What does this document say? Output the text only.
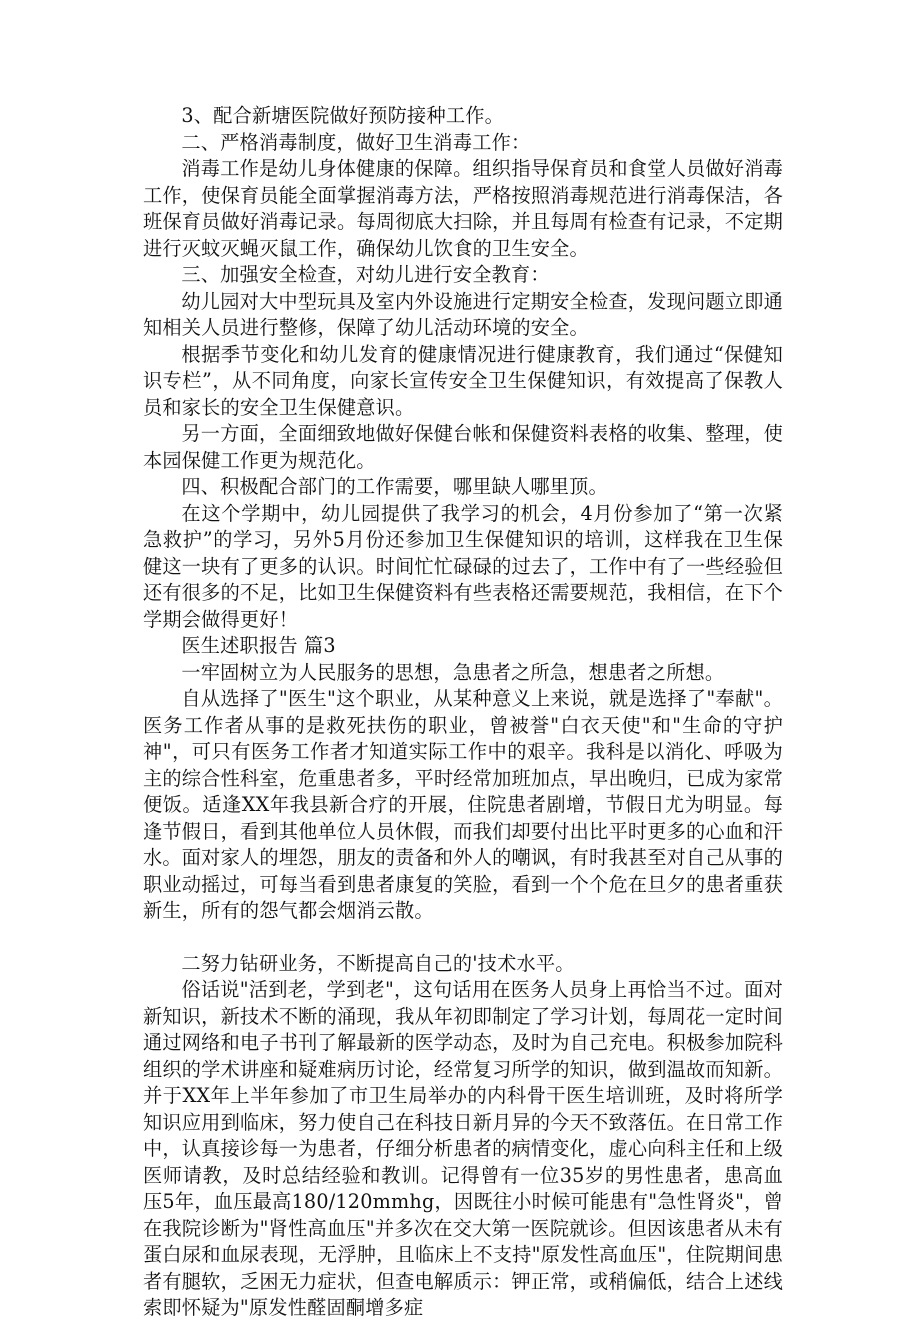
3、配合新塘医院做好预防接种工作。

二、严格消毒制度，做好卫生消毒工作：

消毒工作是幼儿身体健康的保障。组织指导保育员和食堂人员做好消毒工作，使保育员能全面掌握消毒方法，严格按照消毒规范进行消毒保洁，各班保育员做好消毒记录。每周彻底大扫除，并且每周有检查有记录，不定期进行灭蚊灭蝇灭鼠工作，确保幼儿饮食的卫生安全。

三、加强安全检查，对幼儿进行安全教育：

幼儿园对大中型玩具及室内外设施进行定期安全检查，发现问题立即通知相关人员进行整修，保障了幼儿活动环境的安全。

根据季节变化和幼儿发育的健康情况进行健康教育，我们通过“保健知识专栏”，从不同角度，向家长宣传安全卫生保健知识，有效提高了保教人员和家长的安全卫生保健意识。

另一方面，全面细致地做好保健台帐和保健资料表格的收集、整理，使本园保健工作更为规范化。

四、积极配合部门的工作需要，哪里缺人哪里顶。

在这个学期中，幼儿园提供了我学习的机会，4月份参加了“第一次紧急救护”的学习，另外5月份还参加卫生保健知识的培训，这样我在卫生保健这一块有了更多的认识。时间忙忙碌碌的过去了，工作中有了一些经验但还有很多的不足，比如卫生保健资料有些表格还需要规范，我相信，在下个学期会做得更好！

医生述职报告 篇3

一牢固树立为人民服务的思想，急患者之所急，想患者之所想。

自从选择了"医生"这个职业，从某种意义上来说，就是选择了"奉献"。医务工作者从事的是救死扶伤的职业，曾被誉"白衣天使"和"生命的守护神"，可只有医务工作者才知道实际工作中的艰辛。我科是以消化、呼吸为主的综合性科室，危重患者多，平时经常加班加点，早出晚归，已成为家常便饭。适逢XX年我县新合疗的开展，住院患者剧增，节假日尤为明显。每逢节假日，看到其他单位人员休假，而我们却要付出比平时更多的心血和汗水。面对家人的埋怨，朋友的责备和外人的嘲讽，有时我甚至对自己从事的职业动摇过，可每当看到患者康复的笑脸，看到一个个危在旦夕的患者重获新生，所有的怨气都会烟消云散。

二努力钻研业务，不断提高自己的'技术水平。

俗话说"活到老，学到老"，这句话用在医务人员身上再恰当不过。面对新知识，新技术不断的涌现，我从年初即制定了学习计划，每周花一定时间通过网络和电子书刊了解最新的医学动态，及时为自己充电。积极参加院科组织的学术讲座和疑难病历讨论，经常复习所学的知识，做到温故而知新。并于XX年上半年参加了市卫生局举办的内科骨干医生培训班，及时将所学知识应用到临床，努力使自己在科技日新月异的今天不致落伍。在日常工作中，认真接诊每一为患者，仔细分析患者的病情变化，虚心向科主任和上级医师请教，及时总结经验和教训。记得曾有一位35岁的男性患者，患高血压5年，血压最高180/120mmhg，因既往小时候可能患有"急性肾炎"，曾在我院诊断为"肾性高血压"并多次在交大第一医院就诊。但因该患者从未有蛋白尿和血尿表现，无浮肿，且临床上不支持"原发性高血压"，住院期间患者有腿软，乏困无力症状，但查电解质示：钾正常，或稍偏低，结合上述线索即怀疑为"原发性醛固酮增多症
